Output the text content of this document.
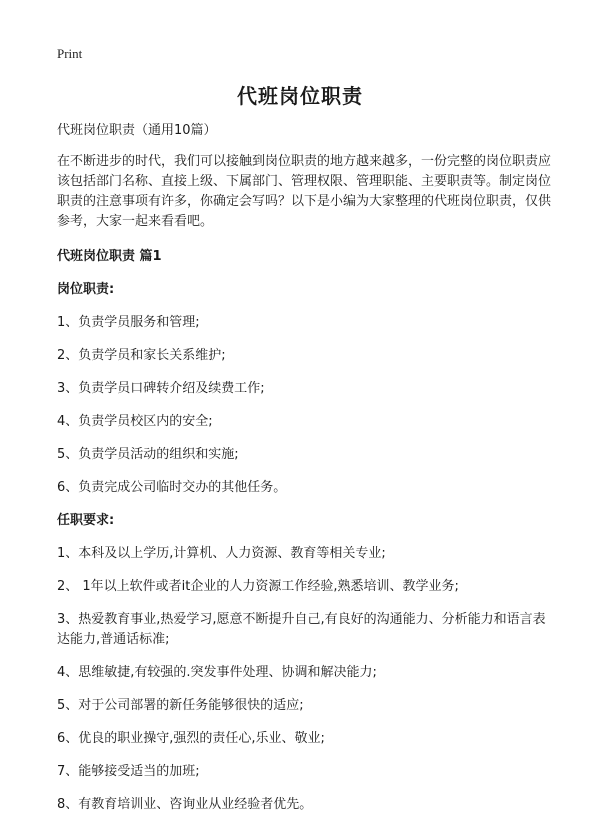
Print
代班岗位职责

代班岗位职责（通用10篇）

在不断进步的时代，我们可以接触到岗位职责的地方越来越多，一份完整的岗位职责应该包括部门名称、直接上级、下属部门、管理权限、管理职能、主要职责等。制定岗位职责的注意事项有许多，你确定会写吗？以下是小编为大家整理的代班岗位职责，仅供参考，大家一起来看看吧。

代班岗位职责 篇1

岗位职责:

1、负责学员服务和管理;
2、负责学员和家长关系维护;
3、负责学员口碑转介绍及续费工作;
4、负责学员校区内的安全;
5、负责学员活动的组织和实施;
6、负责完成公司临时交办的其他任务。

任职要求:

1、本科及以上学历,计算机、人力资源、教育等相关专业;
2、 1年以上软件或者it企业的人力资源工作经验,熟悉培训、教学业务;
3、热爱教育事业,热爱学习,愿意不断提升自己,有良好的沟通能力、分析能力和语言表达能力,普通话标准;
4、思维敏捷,有较强的.突发事件处理、协调和解决能力;
5、对于公司部署的新任务能够很快的适应;
6、优良的职业操守,强烈的责任心,乐业、敬业;
7、能够接受适当的加班;
8、有教育培训业、咨询业从业经验者优先。
